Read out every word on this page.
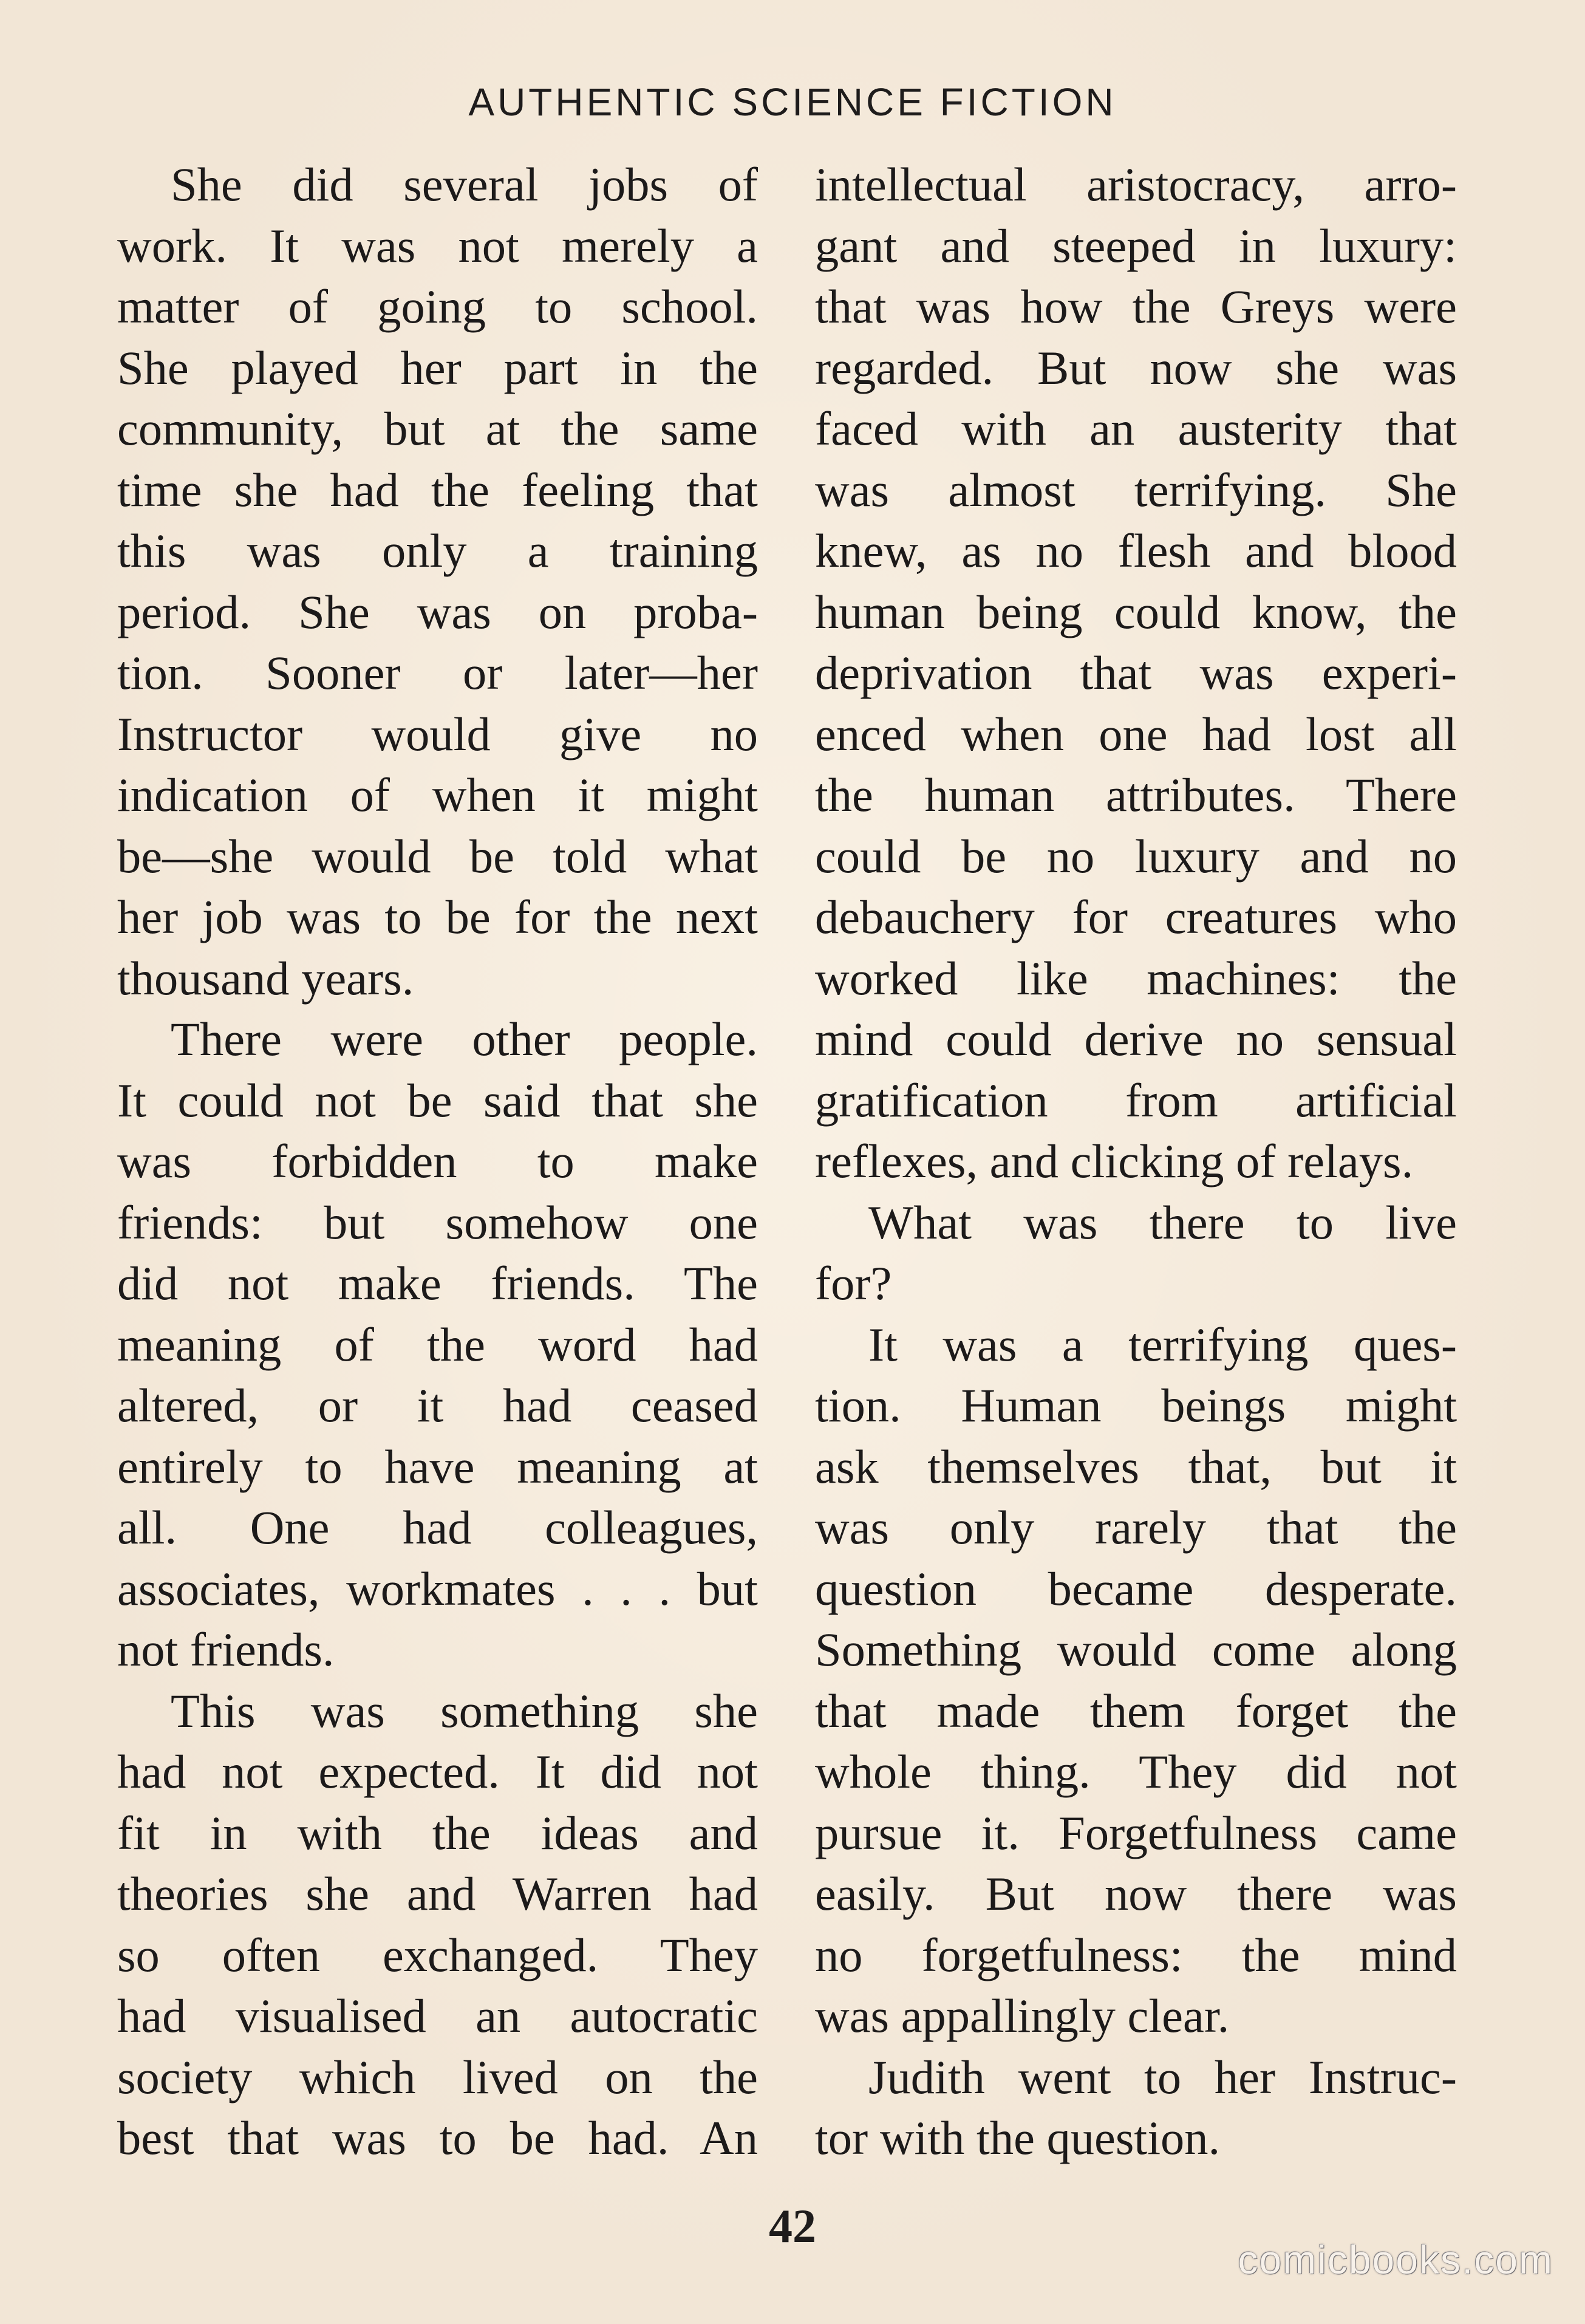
AUTHENTIC SCIENCE FICTION

She did several jobs of
work. It was not merely a
matter of going to school.
She played her part in the
community, but at the same
time she had the feeling that
this was only a training
period. She was on proba-
tion. Sooner or later—her
Instructor would give no
indication of when it might
be—she would be told what
her job was to be for the next
thousand years.

There were other people.
It could not be said that she
was forbidden to make
friends: but somehow one
did not make friends. The
meaning of the word had
altered, or it had ceased
entirely to have meaning at
all. One had colleagues,
associates, workmates . . . but
not friends.

This was something she
had not expected. It did not
fit in with the ideas and
theories she and Warren had
so often exchanged. They
had visualised an autocratic
society which lived on the
best that was to be had. An

intellectual aristocracy, arro-
gant and steeped in luxury:
that was how the Greys were
regarded. But now she was
faced with an austerity that
was almost terrifying. She
knew, as no flesh and blood
human being could know, the
deprivation that was experi-
enced when one had lost all
the human attributes. There
could be no luxury and no
debauchery for creatures who
worked like machines: the
mind could derive no sensual
gratification from artificial
reflexes, and clicking of relays.

What was there to live
for?

It was a terrifying ques-
tion. Human beings might
ask themselves that, but it
was only rarely that the
question became desperate.
Something would come along
that made them forget the
whole thing. They did not
pursue it. Forgetfulness came
easily. But now there was
no forgetfulness: the mind
was appallingly clear.

Judith went to her Instruc-
tor with the question.

42
comicbooks.com
